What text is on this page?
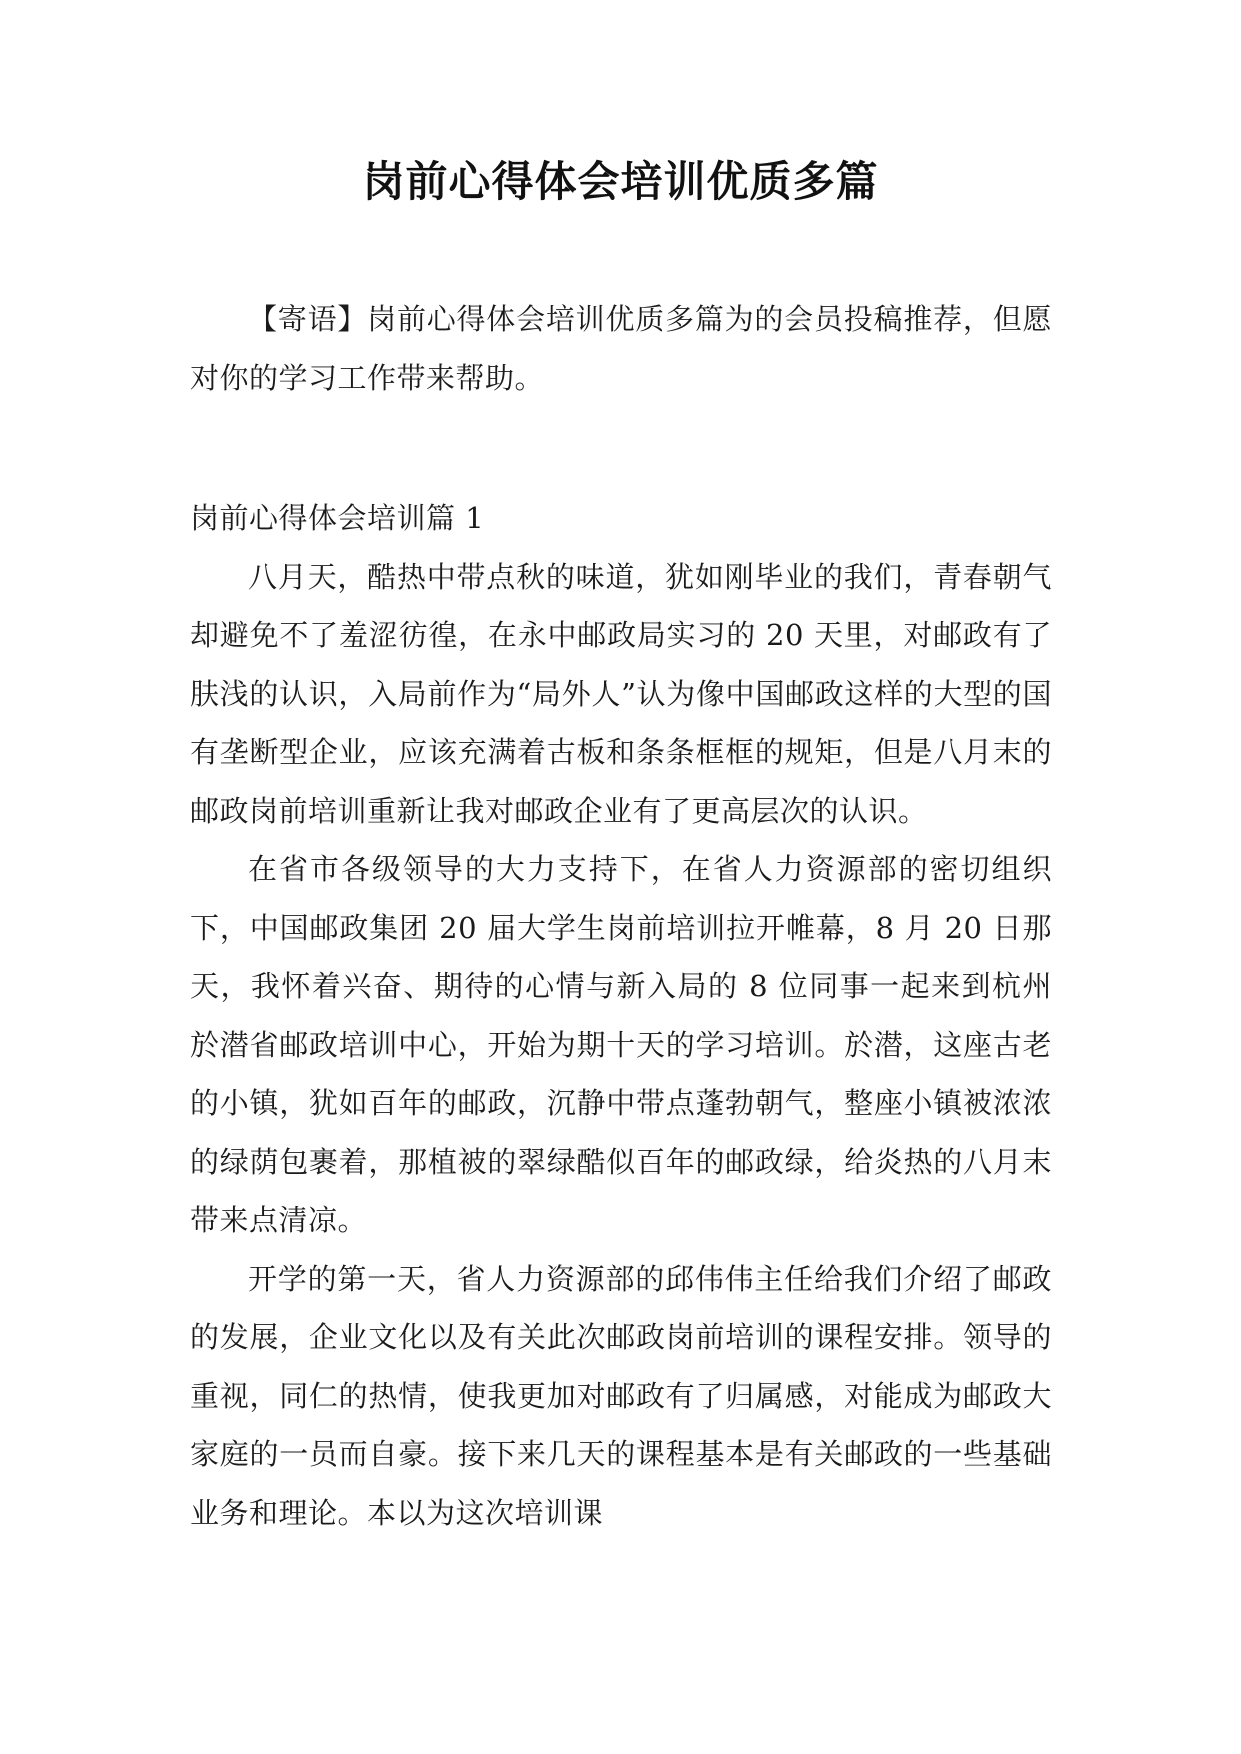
岗前心得体会培训优质多篇

【寄语】岗前心得体会培训优质多篇为的会员投稿推荐，但愿对你的学习工作带来帮助。

岗前心得体会培训篇 1

八月天，酷热中带点秋的味道，犹如刚毕业的我们，青春朝气却避免不了羞涩彷徨，在永中邮政局实习的 20 天里，对邮政有了肤浅的认识，入局前作为“局外人”认为像中国邮政这样的大型的国有垄断型企业，应该充满着古板和条条框框的规矩，但是八月末的邮政岗前培训重新让我对邮政企业有了更高层次的认识。

在省市各级领导的大力支持下，在省人力资源部的密切组织下，中国邮政集团 20 届大学生岗前培训拉开帷幕，8 月 20 日那天，我怀着兴奋、期待的心情与新入局的 8 位同事一起来到杭州於潜省邮政培训中心，开始为期十天的学习培训。於潜，这座古老的小镇，犹如百年的邮政，沉静中带点蓬勃朝气，整座小镇被浓浓的绿荫包裹着，那植被的翠绿酷似百年的邮政绿，给炎热的八月末带来点清凉。

开学的第一天，省人力资源部的邱伟伟主任给我们介绍了邮政的发展，企业文化以及有关此次邮政岗前培训的课程安排。领导的重视，同仁的热情，使我更加对邮政有了归属感，对能成为邮政大家庭的一员而自豪。接下来几天的课程基本是有关邮政的一些基础业务和理论。本以为这次培训课
